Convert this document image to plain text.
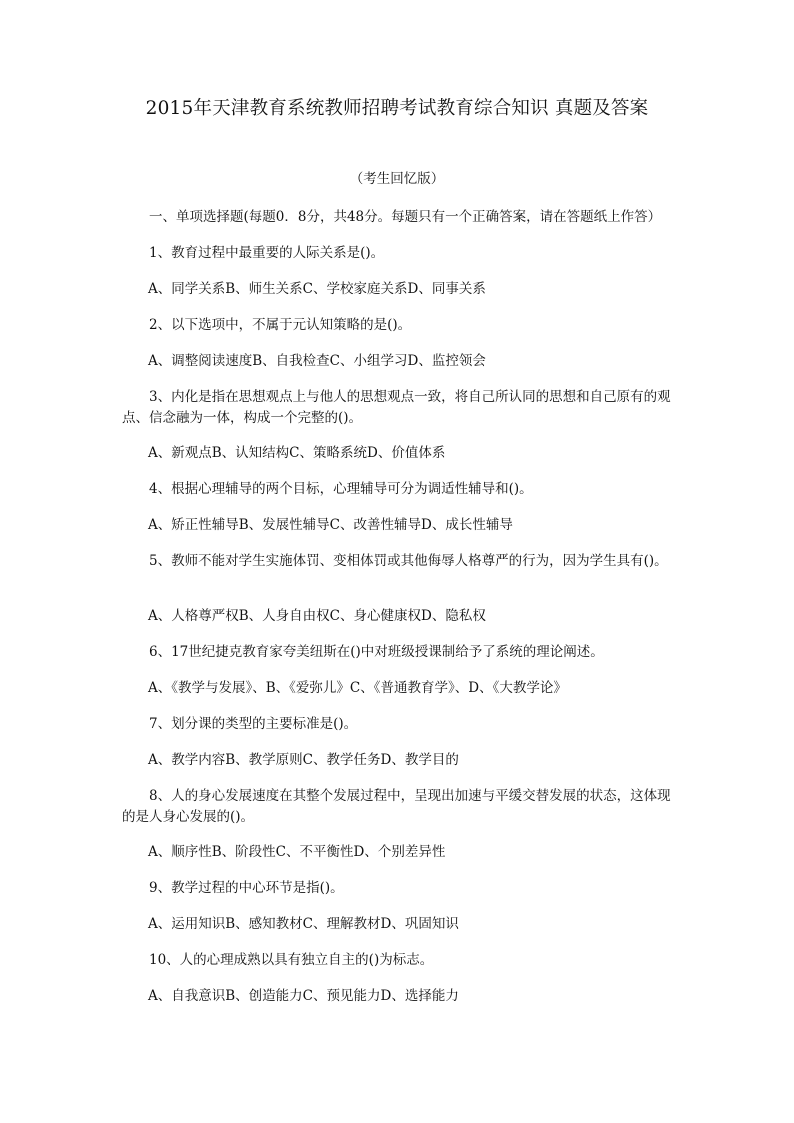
2015年天津教育系统教师招聘考试教育综合知识 真题及答案
（考生回忆版）
一、单项选择题(每题0．8分，共48分。每题只有一个正确答案，请在答题纸上作答）
1、教育过程中最重要的人际关系是()。
A、同学关系B、师生关系C、学校家庭关系D、同事关系
2、以下选项中，不属于元认知策略的是()。
A、调整阅读速度B、自我检查C、小组学习D、监控领会
3、内化是指在思想观点上与他人的思想观点一致，将自己所认同的思想和自己原有的观点、信念融为一体，构成一个完整的()。
A、新观点B、认知结构C、策略系统D、价值体系
4、根据心理辅导的两个目标，心理辅导可分为调适性辅导和()。
A、矫正性辅导B、发展性辅导C、改善性辅导D、成长性辅导
5、教师不能对学生实施体罚、变相体罚或其他侮辱人格尊严的行为，因为学生具有()。
A、人格尊严权B、人身自由权C、身心健康权D、隐私权
6、17世纪捷克教育家夸美纽斯在()中对班级授课制给予了系统的理论阐述。
A、《教学与发展》、B、《爱弥儿》C、《普通教育学》、D、《大教学论》
7、划分课的类型的主要标准是()。
A、教学内容B、教学原则C、教学任务D、教学目的
8、人的身心发展速度在其整个发展过程中，呈现出加速与平缓交替发展的状态，这体现的是人身心发展的()。
A、顺序性B、阶段性C、不平衡性D、个别差异性
9、教学过程的中心环节是指()。
A、运用知识B、感知教材C、理解教材D、巩固知识
10、人的心理成熟以具有独立自主的()为标志。
A、自我意识B、创造能力C、预见能力D、选择能力
